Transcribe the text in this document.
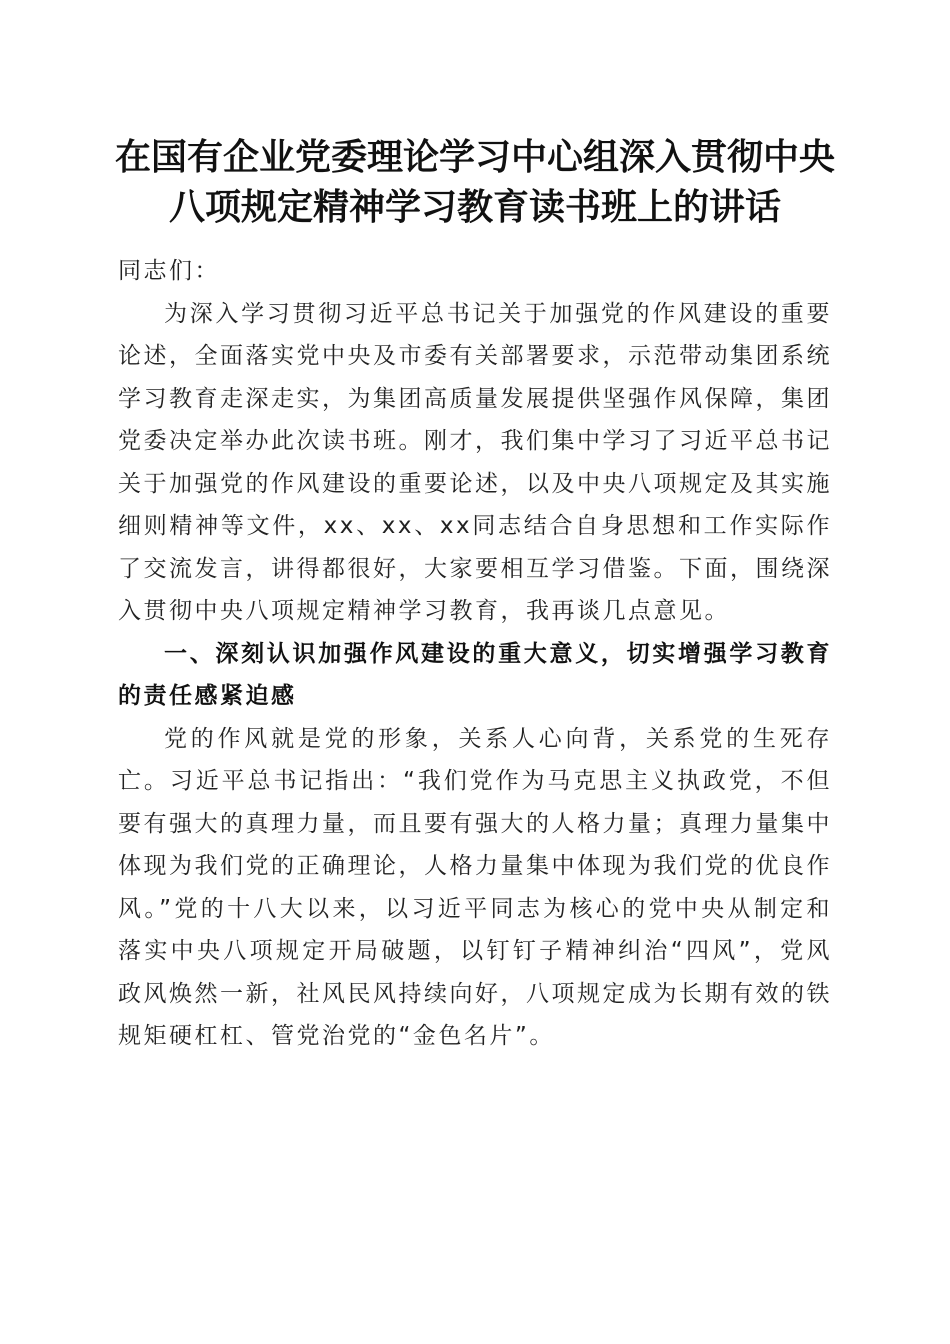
在国有企业党委理论学习中心组深入贯彻中央
八项规定精神学习教育读书班上的讲话

同志们：

为深入学习贯彻习近平总书记关于加强党的作风建设的重要论述，全面落实党中央及市委有关部署要求，示范带动集团系统学习教育走深走实，为集团高质量发展提供坚强作风保障，集团党委决定举办此次读书班。刚才，我们集中学习了习近平总书记关于加强党的作风建设的重要论述，以及中央八项规定及其实施细则精神等文件，xx、xx、xx同志结合自身思想和工作实际作了交流发言，讲得都很好，大家要相互学习借鉴。下面，围绕深入贯彻中央八项规定精神学习教育，我再谈几点意见。

一、深刻认识加强作风建设的重大意义，切实增强学习教育的责任感紧迫感

党的作风就是党的形象，关系人心向背，关系党的生死存亡。习近平总书记指出：“我们党作为马克思主义执政党，不但要有强大的真理力量，而且要有强大的人格力量；真理力量集中体现为我们党的正确理论，人格力量集中体现为我们党的优良作风。”党的十八大以来，以习近平同志为核心的党中央从制定和落实中央八项规定开局破题，以钉钉子精神纠治“四风”，党风政风焕然一新，社风民风持续向好，八项规定成为长期有效的铁规矩硬杠杠、管党治党的“金色名片”。
